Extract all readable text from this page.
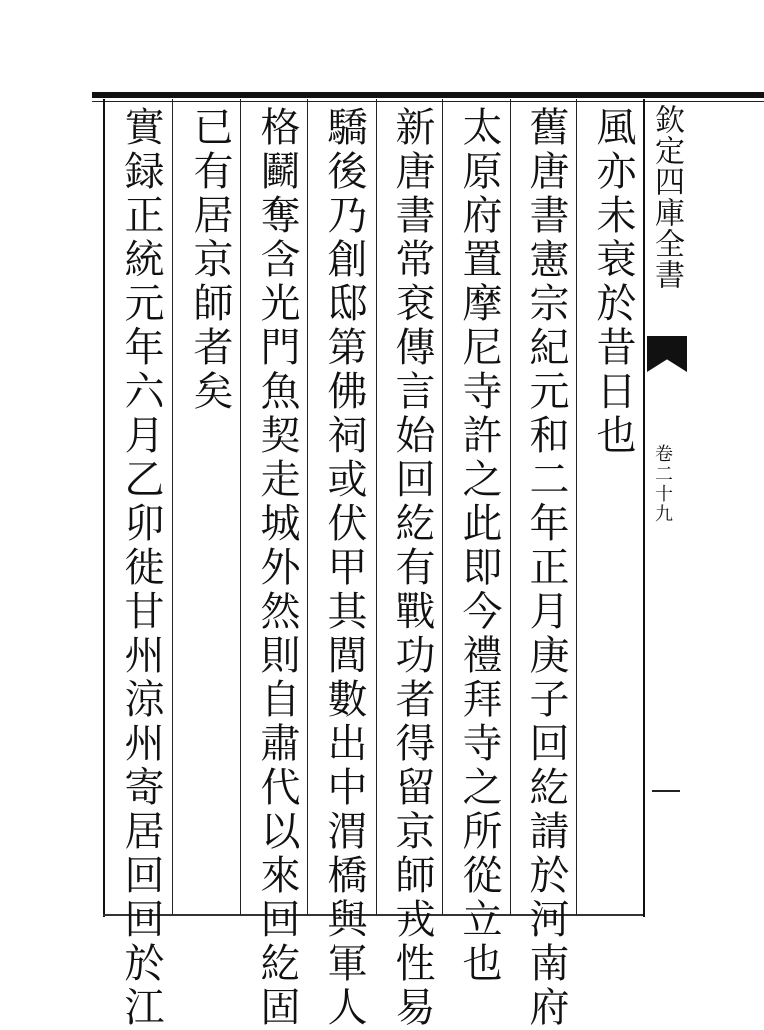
欽定四庫全書
卷二十九
風亦未衰於昔日也
舊唐書憲宗紀元和二年正月庚子回紇請於河南府
太原府置摩尼寺許之此即今禮拜寺之所從立也
新唐書常袞傳言始回紇有戰功者得留京師戎性易
驕後乃創邸第佛祠或伏甲其閭數出中渭橋與軍人
格鬬奪含光門魚契走城外然則自肅代以來回紇固
已有居京師者矣
實録正統元年六月乙卯徙甘州涼州寄居回回於江
